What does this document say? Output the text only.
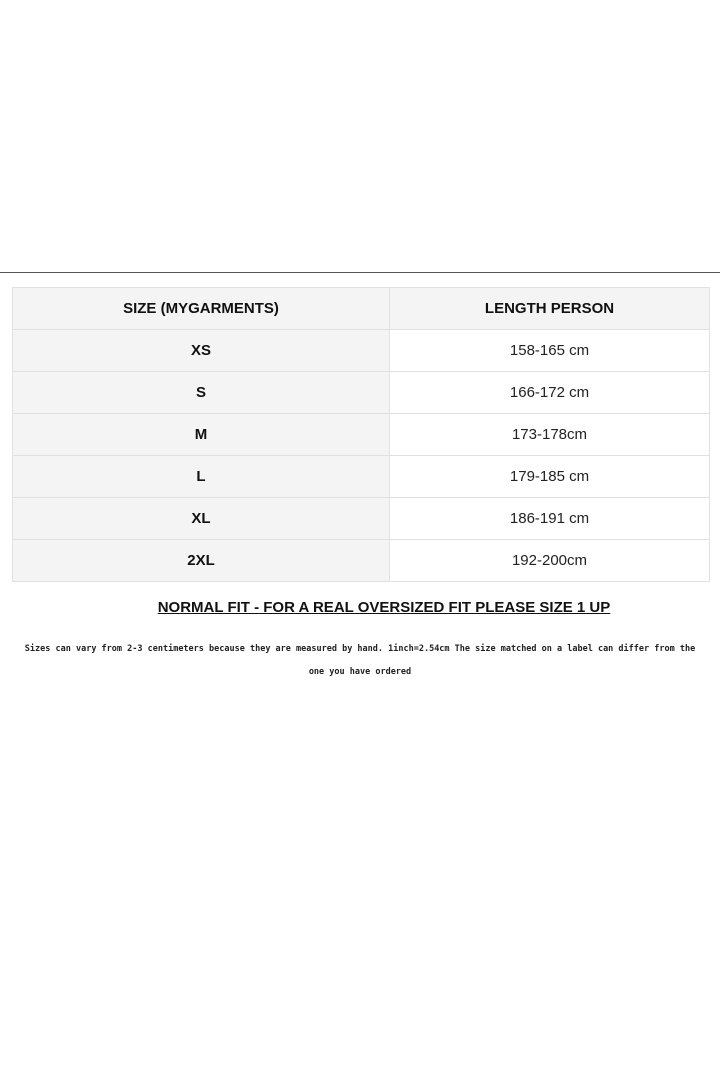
SIZE (MYGARMENTS)	LENGTH PERSON
XS	158-165 cm
S	166-172 cm
M	173-178cm
L	179-185 cm
XL	186-191 cm
2XL	192-200cm
NORMAL FIT - FOR A REAL OVERSIZED FIT PLEASE SIZE 1 UP
Sizes can vary from 2-3 centimeters because they are measured by hand. 1inch=2.54cm The size matched on a label can differ from the one you have ordered
